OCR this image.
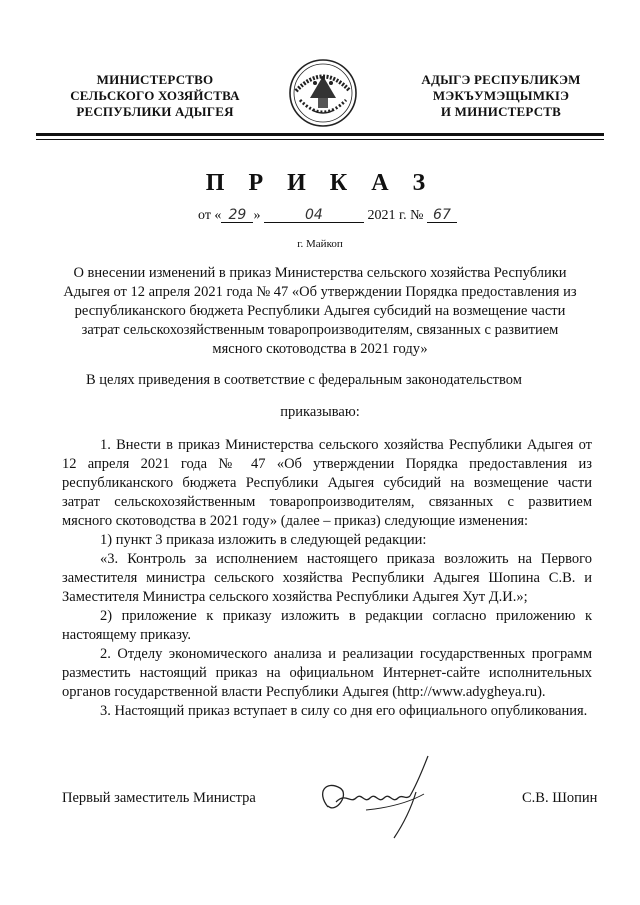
МИНИСТЕРСТВО
СЕЛЬСКОГО ХОЗЯЙСТВА
РЕСПУБЛИКИ АДЫГЕЯ
АДЫГЭ РЕСПУБЛИКЭМ
МЭКЪУМЭЩЫМКIЭ
И МИНИСТЕРСТВ
П Р И К А З
от « 29 »	04	2021 г. № 67
г. Майкоп
О внесении изменений в приказ Министерства сельского хозяйства Республики Адыгея от 12 апреля 2021 года № 47 «Об утверждении Порядка предоставления из республиканского бюджета Республики Адыгея субсидий на возмещение части затрат сельскохозяйственным товаропроизводителям, связанных с развитием мясного скотоводства в 2021 году»
В целях приведения в соответствие с федеральным законодательством
приказываю:

1. Внести в приказ Министерства сельского хозяйства Республики Адыгея от 12 апреля 2021 года № 47 «Об утверждении Порядка предоставления из республиканского бюджета Республики Адыгея субсидий на возмещение части затрат сельскохозяйственным товаропроизводителям, связанных с развитием мясного скотоводства в 2021 году» (далее – приказ) следующие изменения:

1) пункт 3 приказа изложить в следующей редакции:

«3. Контроль за исполнением настоящего приказа возложить на Первого заместителя министра сельского хозяйства Республики Адыгея Шопина С.В. и Заместителя Министра сельского хозяйства Республики Адыгея Хут Д.И.»;

2) приложение к приказу изложить в редакции согласно приложению к настоящему приказу.

2. Отделу экономического анализа и реализации государственных программ разместить настоящий приказ на официальном Интернет-сайте исполнительных органов государственной власти Республики Адыгея (http://www.adygheya.ru).

3. Настоящий приказ вступает в силу со дня его официального опубликования.

Первый заместитель Министра	С.В. Шопин
